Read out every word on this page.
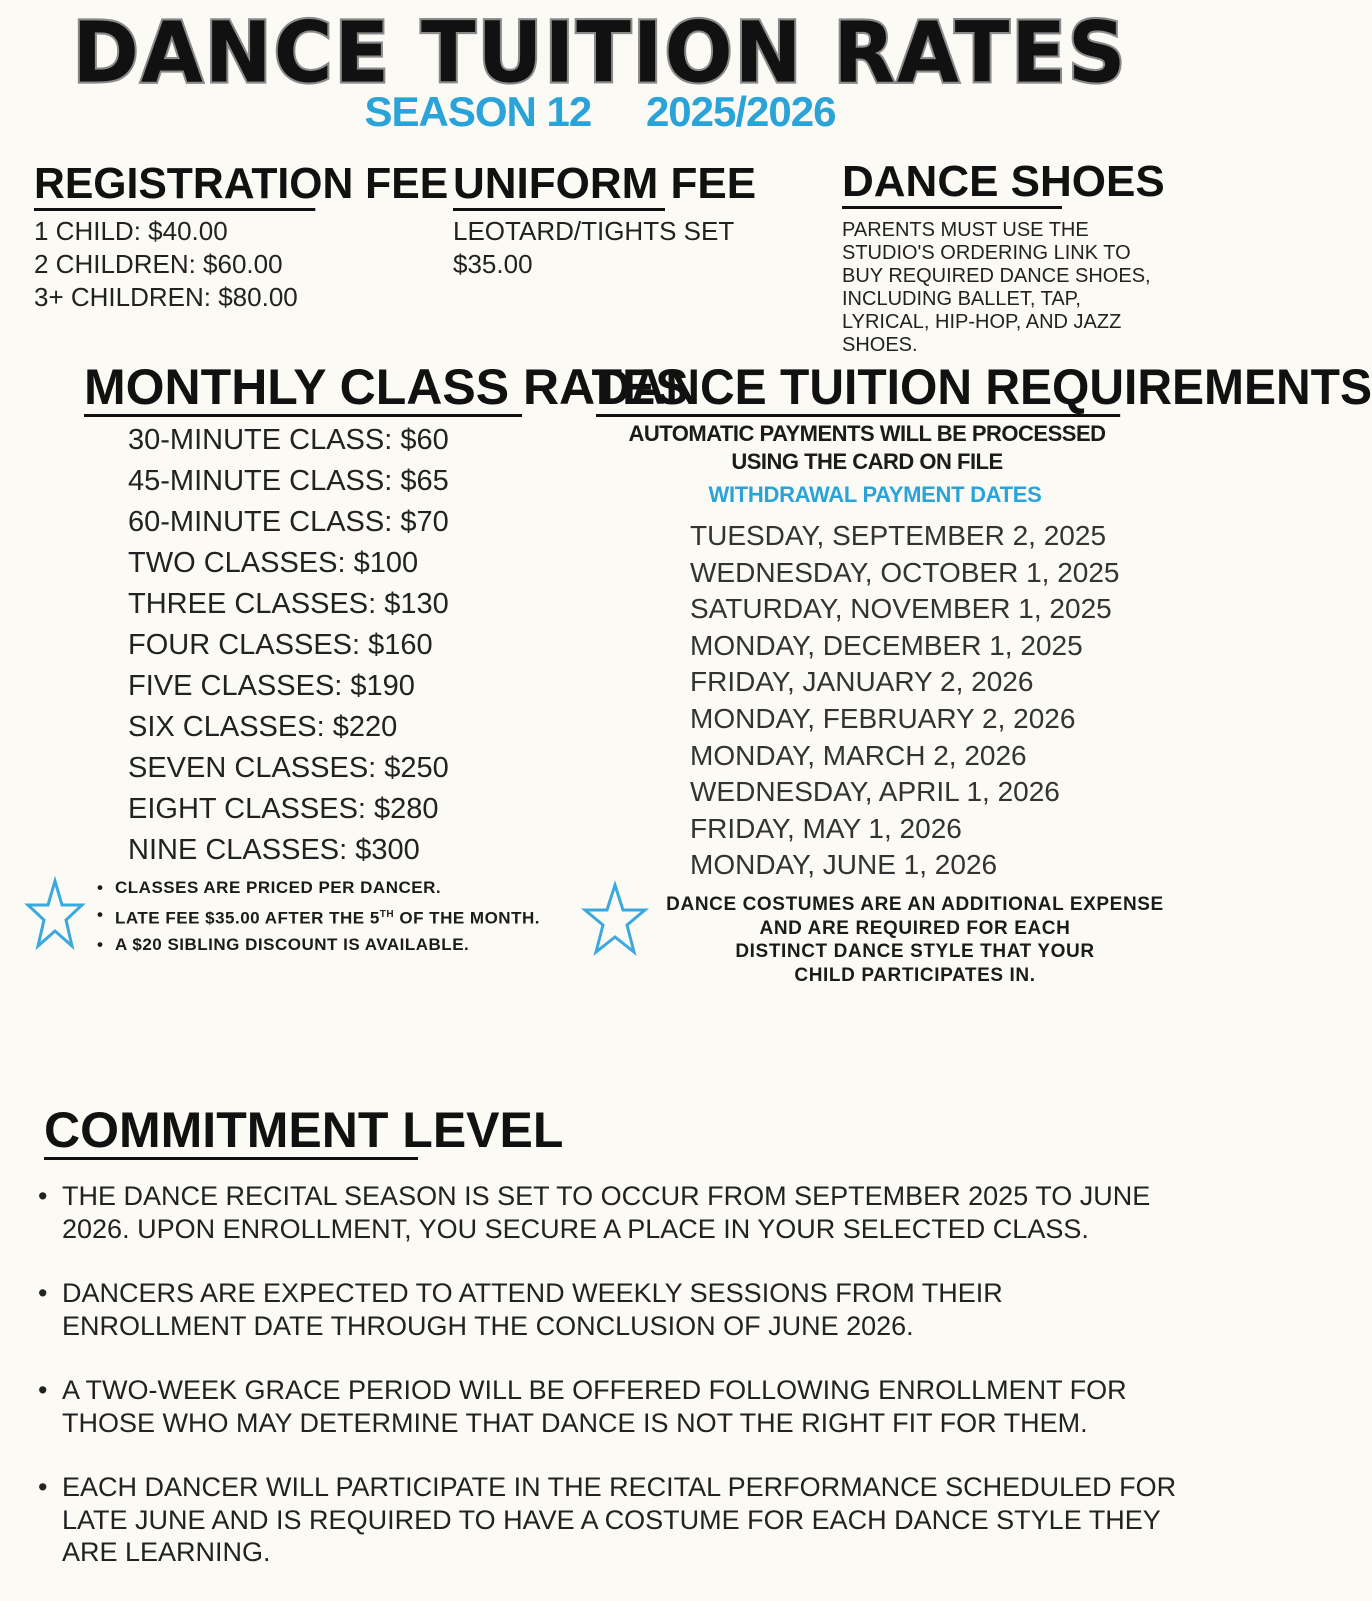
DANCE TUITION RATES
SEASON 12 2025/2026
REGISTRATION FEE
1 CHILD: $40.00
2 CHILDREN: $60.00
3+ CHILDREN: $80.00
UNIFORM FEE
LEOTARD/TIGHTS SET
$35.00
DANCE SHOES
PARENTS MUST USE THE
STUDIO'S ORDERING LINK TO
BUY REQUIRED DANCE SHOES,
INCLUDING BALLET, TAP,
LYRICAL, HIP-HOP, AND JAZZ
SHOES.
MONTHLY CLASS RATES
30-MINUTE CLASS: $60
45-MINUTE CLASS: $65
60-MINUTE CLASS: $70
TWO CLASSES: $100
THREE CLASSES: $130
FOUR CLASSES: $160
FIVE CLASSES: $190
SIX CLASSES: $220
SEVEN CLASSES: $250
EIGHT CLASSES: $280
NINE CLASSES: $300
• CLASSES ARE PRICED PER DANCER.
• LATE FEE $35.00 AFTER THE 5TH OF THE MONTH.
• A $20 SIBLING DISCOUNT IS AVAILABLE.
DANCE TUITION REQUIREMENTS
AUTOMATIC PAYMENTS WILL BE PROCESSED
USING THE CARD ON FILE
WITHDRAWAL PAYMENT DATES
TUESDAY, SEPTEMBER 2, 2025
WEDNESDAY, OCTOBER 1, 2025
SATURDAY, NOVEMBER 1, 2025
MONDAY, DECEMBER 1, 2025
FRIDAY, JANUARY 2, 2026
MONDAY, FEBRUARY 2, 2026
MONDAY, MARCH 2, 2026
WEDNESDAY, APRIL 1, 2026
FRIDAY, MAY 1, 2026
MONDAY, JUNE 1, 2026
DANCE COSTUMES ARE AN ADDITIONAL EXPENSE
AND ARE REQUIRED FOR EACH
DISTINCT DANCE STYLE THAT YOUR
CHILD PARTICIPATES IN.
COMMITMENT LEVEL
• THE DANCE RECITAL SEASON IS SET TO OCCUR FROM SEPTEMBER 2025 TO JUNE 2026. UPON ENROLLMENT, YOU SECURE A PLACE IN YOUR SELECTED CLASS.
• DANCERS ARE EXPECTED TO ATTEND WEEKLY SESSIONS FROM THEIR ENROLLMENT DATE THROUGH THE CONCLUSION OF JUNE 2026.
• A TWO-WEEK GRACE PERIOD WILL BE OFFERED FOLLOWING ENROLLMENT FOR THOSE WHO MAY DETERMINE THAT DANCE IS NOT THE RIGHT FIT FOR THEM.
• EACH DANCER WILL PARTICIPATE IN THE RECITAL PERFORMANCE SCHEDULED FOR LATE JUNE AND IS REQUIRED TO HAVE A COSTUME FOR EACH DANCE STYLE THEY ARE LEARNING.
